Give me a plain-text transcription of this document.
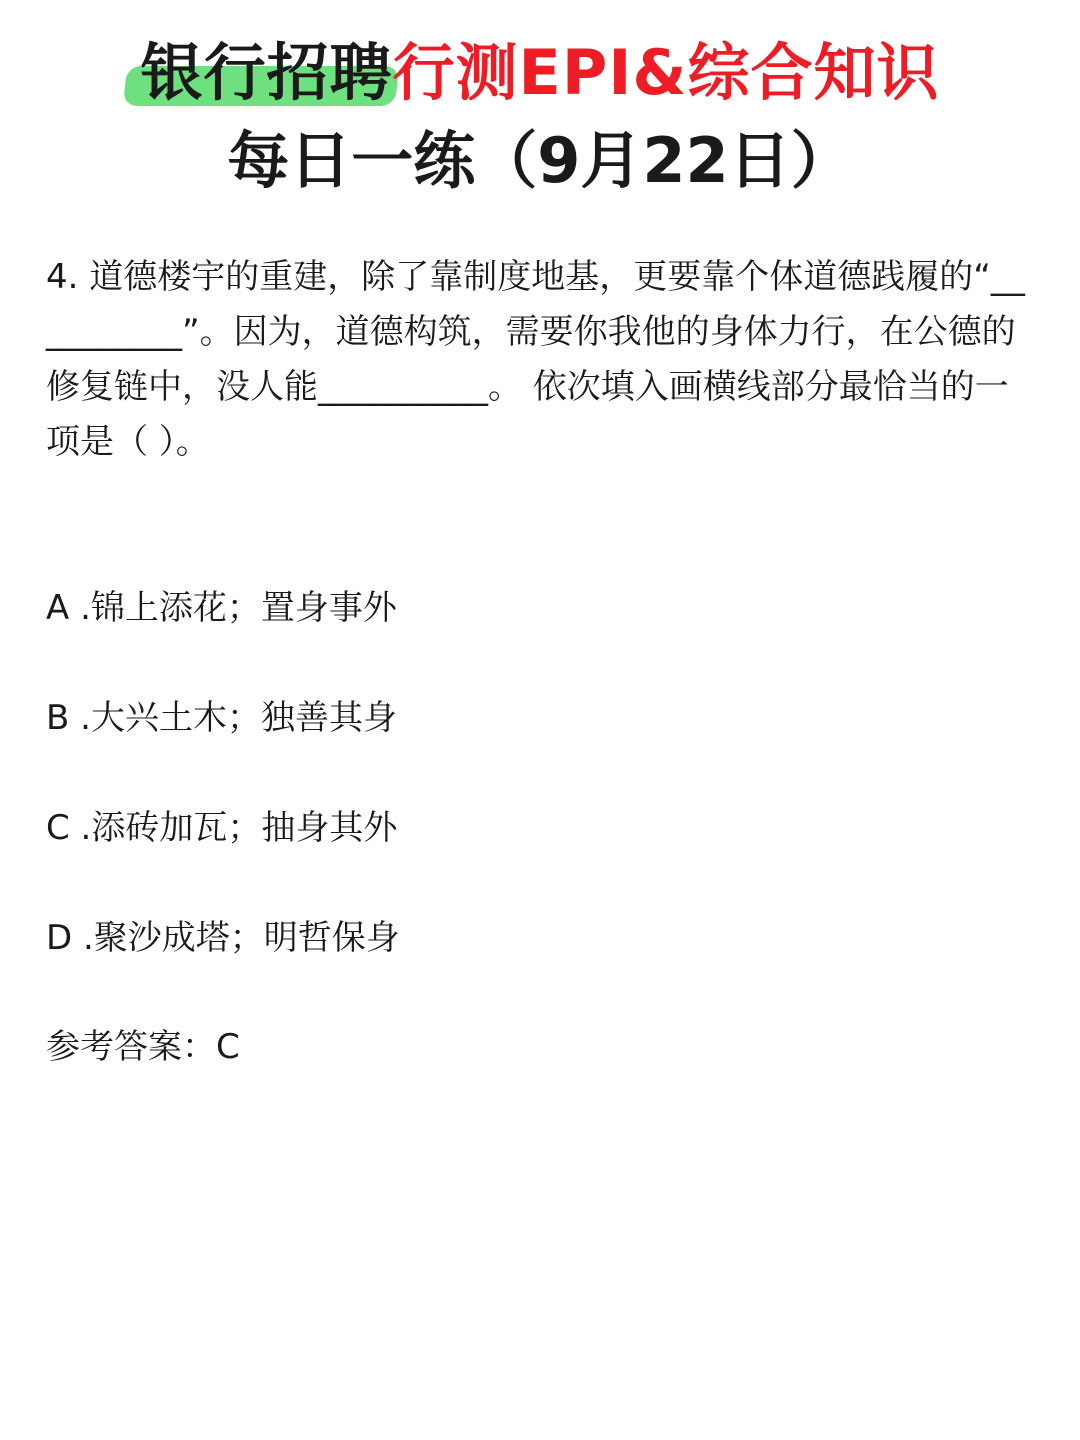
银行招聘行测EPI&综合知识
每日一练（9月22日）
4. 道德楼宇的重建，除了靠制度地基，更要靠个体道德践履的“__________”。因为，道德构筑，需要你我他的身体力行，在公德的修复链中，没人能__________。 依次填入画横线部分最恰当的一项是（ ）。
A .锦上添花；置身事外
B .大兴土木；独善其身
C .添砖加瓦；抽身其外
D .聚沙成塔；明哲保身
参考答案：C
